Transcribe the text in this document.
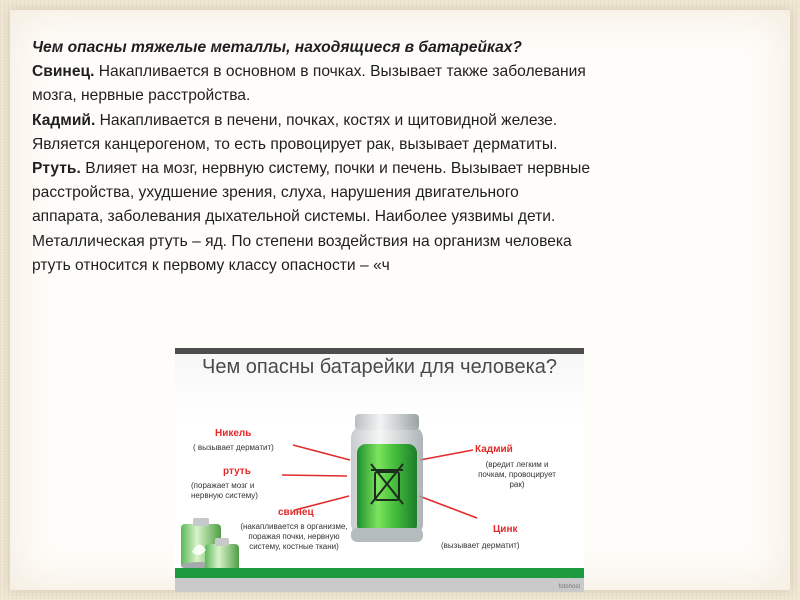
Чем опасны тяжелые металлы, находящиеся в батарейках?
Свинец. Накапливается в основном в почках. Вызывает также заболевания мозга, нервные расстройства.
Кадмий. Накапливается в печени, почках, костях и щитовидной железе. Является канцерогеном, то есть провоцирует рак, вызывает дерматиты.
Ртуть. Влияет на мозг, нервную систему, почки и печень. Вызывает нервные расстройства, ухудшение зрения, слуха, нарушения двигательного аппарата, заболевания дыхательной системы. Наиболее уязвимы дети. Металлическая ртуть – яд. По степени воздействия на организм человека ртуть относится к первому классу опасности – «ч

Чем опасны батарейки для человека?
Никель
( вызывает дерматит)
ртуть
(поражает мозг и нервную систему)
свинец
(накапливается в организме, поражая почки, нервную систему, костные ткани)
Кадмий
(вредит легким и почкам, провоцирует рак)
Цинк
(вызывает дерматит)
fotohost
